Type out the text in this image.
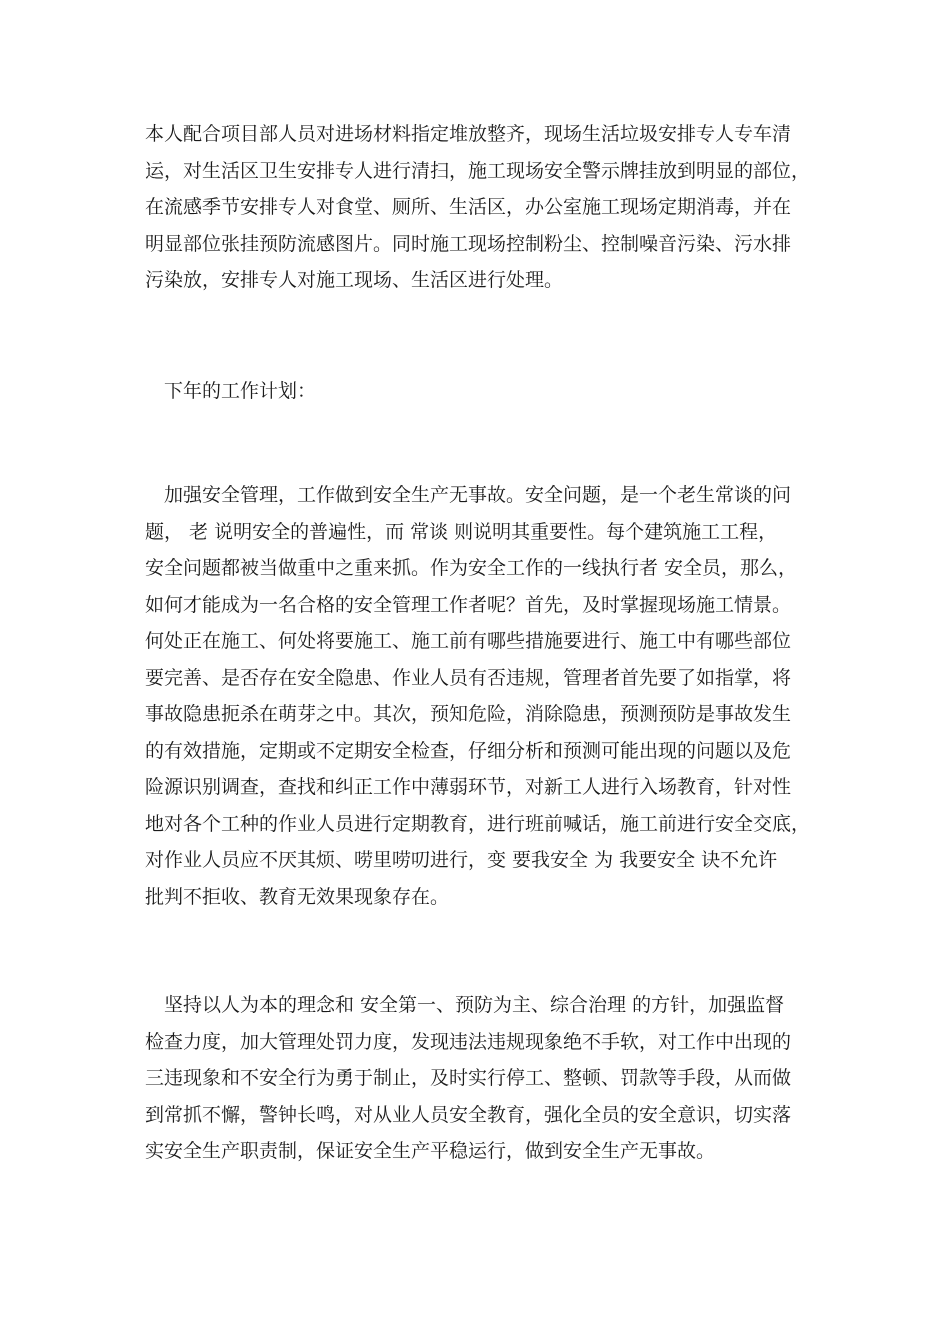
本人配合项目部人员对进场材料指定堆放整齐，现场生活垃圾安排专人专车清
运，对生活区卫生安排专人进行清扫，施工现场安全警示牌挂放到明显的部位，
在流感季节安排专人对食堂、厕所、生活区，办公室施工现场定期消毒，并在
明显部位张挂预防流感图片。同时施工现场控制粉尘、控制噪音污染、污水排
污染放，安排专人对施工现场、生活区进行处理。
　下年的工作计划：
　加强安全管理，工作做到安全生产无事故。安全问题，是一个老生常谈的问
题， 老 说明安全的普遍性，而 常谈 则说明其重要性。每个建筑施工工程，
安全问题都被当做重中之重来抓。作为安全工作的一线执行者 安全员，那么，
如何才能成为一名合格的安全管理工作者呢？首先，及时掌握现场施工情景。
何处正在施工、何处将要施工、施工前有哪些措施要进行、施工中有哪些部位
要完善、是否存在安全隐患、作业人员有否违规，管理者首先要了如指掌，将
事故隐患扼杀在萌芽之中。其次，预知危险，消除隐患，预测预防是事故发生
的有效措施，定期或不定期安全检查，仔细分析和预测可能出现的问题以及危
险源识别调查，查找和纠正工作中薄弱环节，对新工人进行入场教育，针对性
地对各个工种的作业人员进行定期教育，进行班前喊话，施工前进行安全交底，
对作业人员应不厌其烦、唠里唠叨进行，变 要我安全 为 我要安全 诀不允许
批判不拒收、教育无效果现象存在。
　坚持以人为本的理念和 安全第一、预防为主、综合治理 的方针，加强监督
检查力度，加大管理处罚力度，发现违法违规现象绝不手软，对工作中出现的
三违现象和不安全行为勇于制止，及时实行停工、整顿、罚款等手段，从而做
到常抓不懈，警钟长鸣，对从业人员安全教育，强化全员的安全意识，切实落
实安全生产职责制，保证安全生产平稳运行，做到安全生产无事故。
